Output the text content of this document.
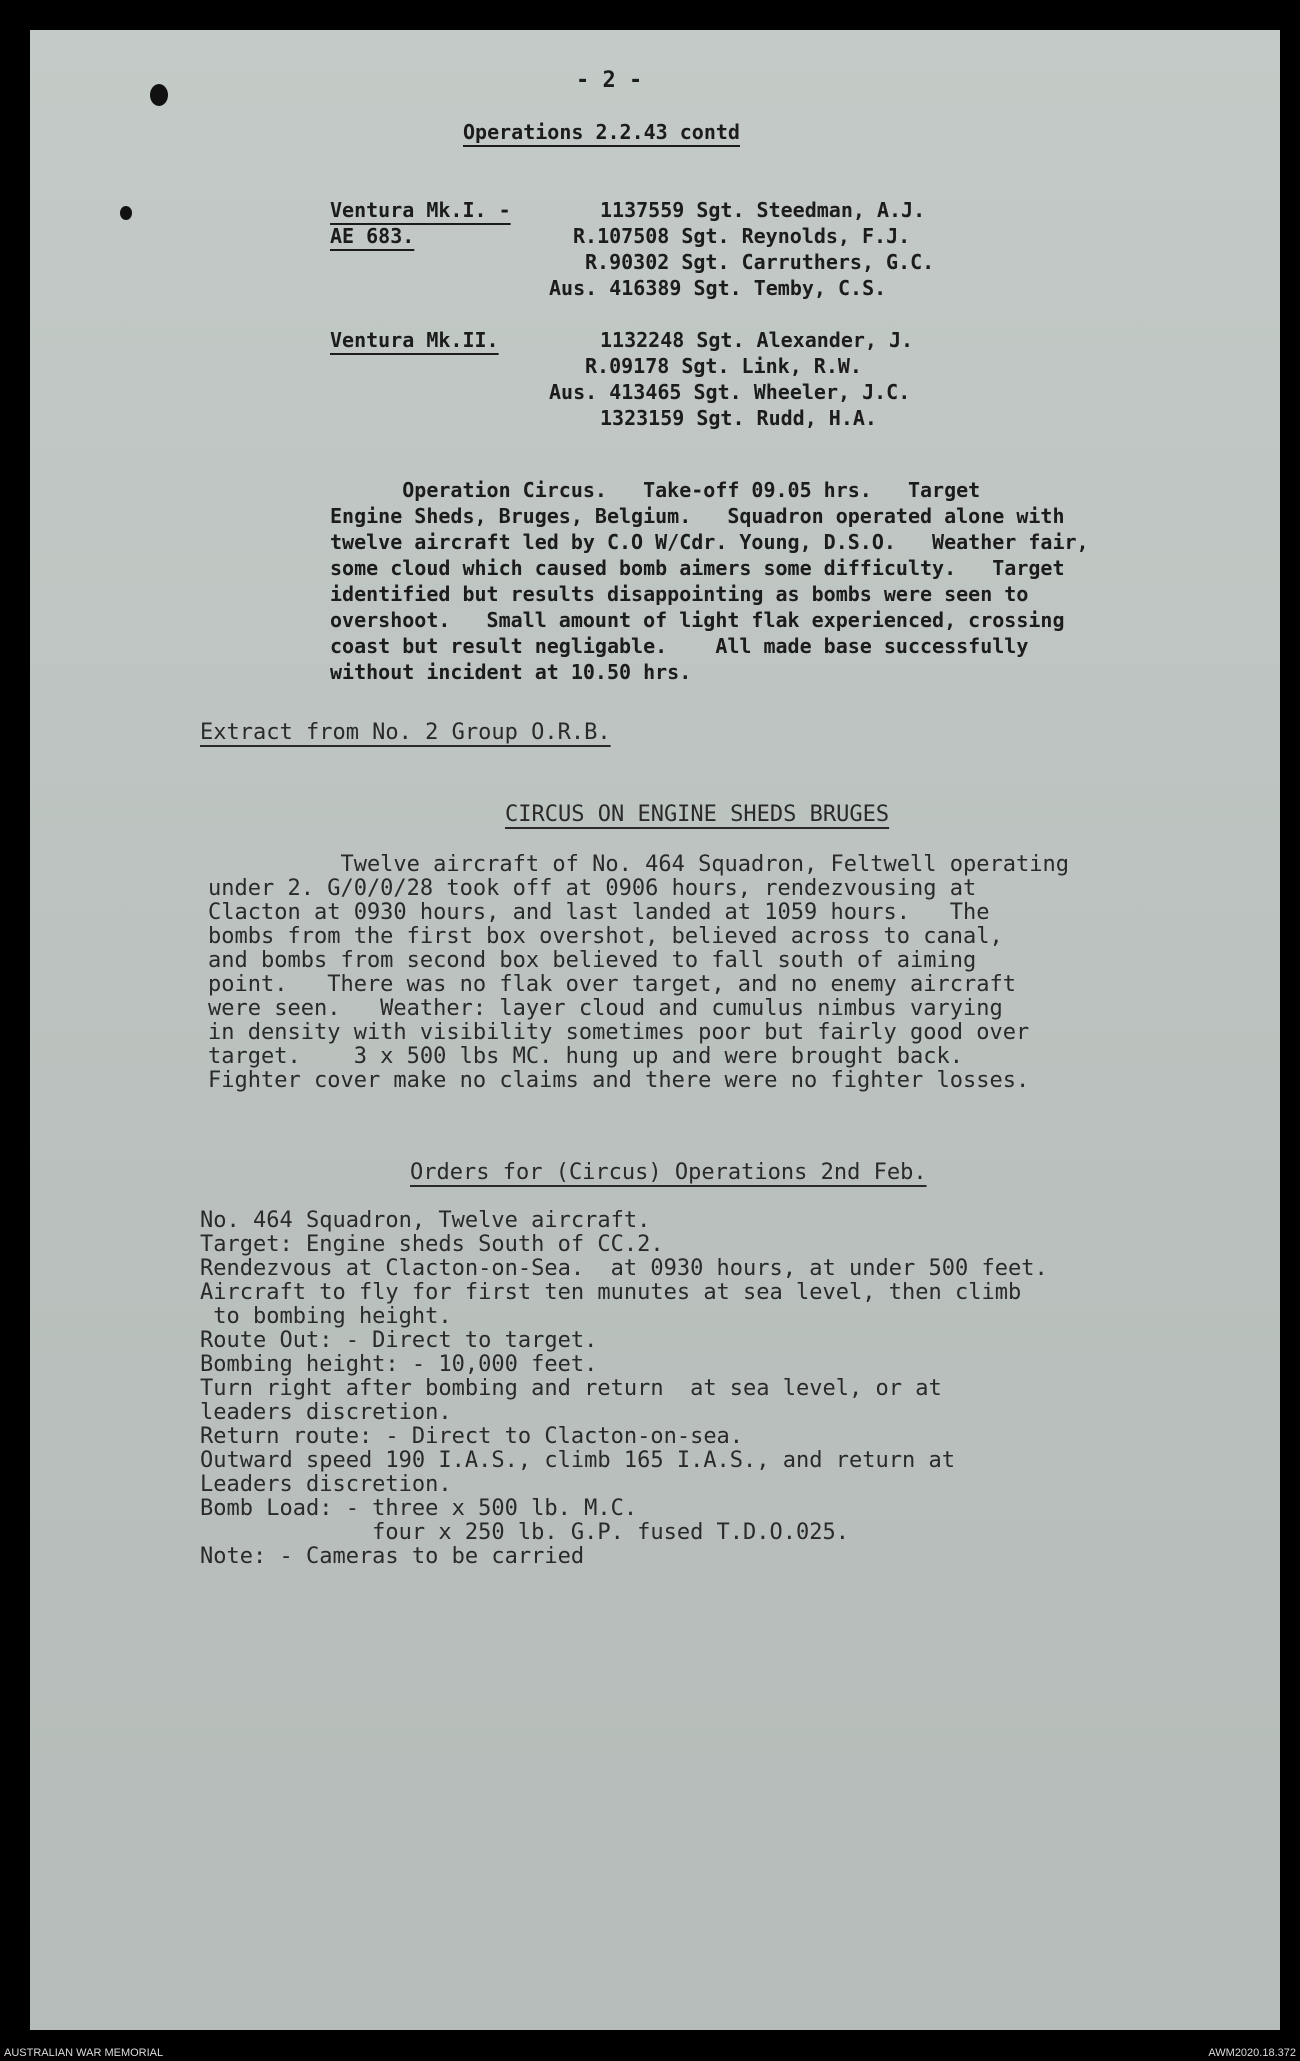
- 2 -
Operations 2.2.43 contd
Ventura Mk.I. -
AE 683.
1137559 Sgt. Steedman, A.J.
R.107508 Sgt. Reynolds, F.J.
R.90302 Sgt. Carruthers, G.C.
Aus. 416389 Sgt. Temby, C.S.
Ventura Mk.II.	1132248 Sgt. Alexander, J.
R.09178 Sgt. Link, R.W.
Aus. 413465 Sgt. Wheeler, J.C.
1323159 Sgt. Rudd, H.A.
Operation Circus.   Take-off 09.05 hrs.   Target
Engine Sheds, Bruges, Belgium.   Squadron operated alone with
twelve aircraft led by C.O W/Cdr. Young, D.S.O.   Weather fair,
some cloud which caused bomb aimers some difficulty.   Target
identified but results disappointing as bombs were seen to
overshoot.   Small amount of light flak experienced, crossing
coast but result negligable.    All made base successfully
without incident at 10.50 hrs.
Extract from No. 2 Group O.R.B.
CIRCUS ON ENGINE SHEDS BRUGES
Twelve aircraft of No. 464 Squadron, Feltwell operating
under 2. G/0/0/28 took off at 0906 hours, rendezvousing at
Clacton at 0930 hours, and last landed at 1059 hours.   The
bombs from the first box overshot, believed across to canal,
and bombs from second box believed to fall south of aiming
point.   There was no flak over target, and no enemy aircraft
were seen.   Weather: layer cloud and cumulus nimbus varying
in density with visibility sometimes poor but fairly good over
target.    3 x 500 lbs MC. hung up and were brought back.
Fighter cover make no claims and there were no fighter losses.
Orders for (Circus) Operations 2nd Feb.
No. 464 Squadron, Twelve aircraft.
Target: Engine sheds South of CC.2.
Rendezvous at Clacton-on-Sea.  at 0930 hours, at under 500 feet.
Aircraft to fly for first ten munutes at sea level, then climb
to bombing height.
Route Out: - Direct to target.
Bombing height: - 10,000 feet.
Turn right after bombing and return  at sea level, or at
leaders discretion.
Return route: - Direct to Clacton-on-sea.
Outward speed 190 I.A.S., climb 165 I.A.S., and return at
Leaders discretion.
Bomb Load: - three x 500 lb. M.C.
four x 250 lb. G.P. fused T.D.O.025.
Note: - Cameras to be carried
AUSTRALIAN WAR MEMORIAL	AWM2020.18.372
